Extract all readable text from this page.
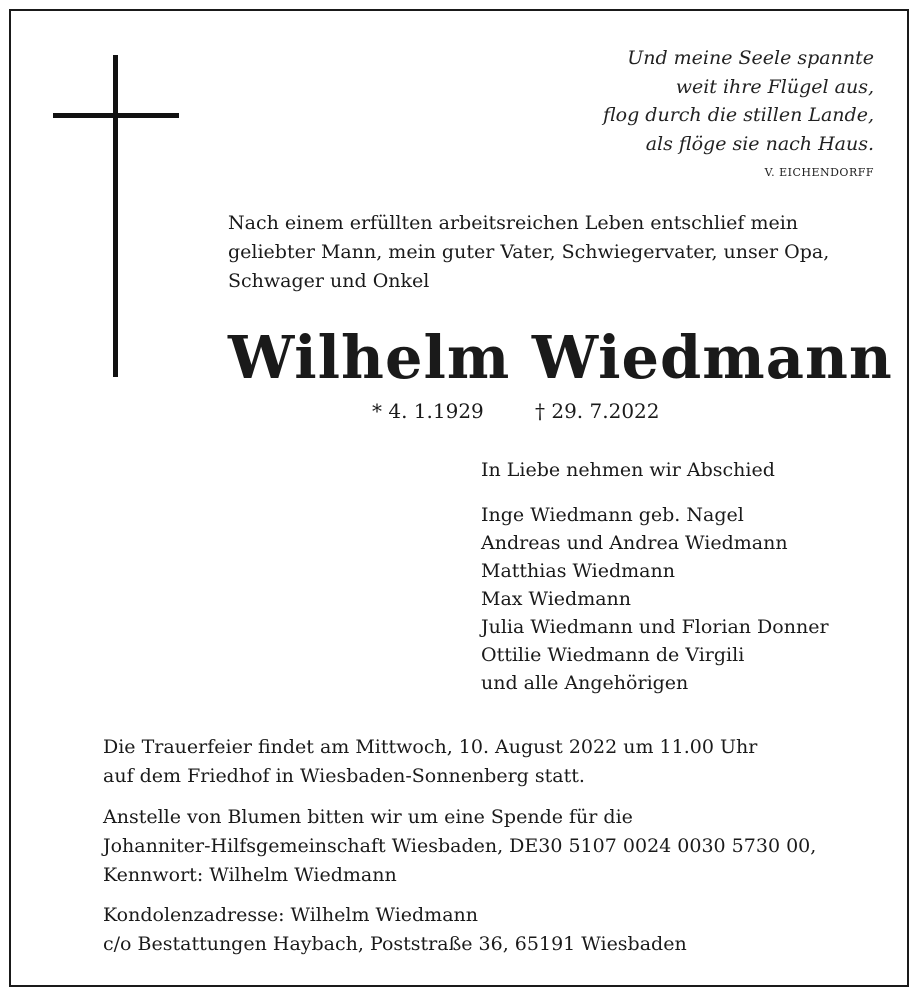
Und meine Seele spannte
weit ihre Flügel aus,
flog durch die stillen Lande,
als flöge sie nach Haus.
V. EICHENDORFF
Nach einem erfüllten arbeitsreichen Leben entschlief mein
geliebter Mann, mein guter Vater, Schwiegervater, unser Opa,
Schwager und Onkel
Wilhelm Wiedmann
* 4. 1.1929	† 29. 7.2022
In Liebe nehmen wir Abschied
Inge Wiedmann geb. Nagel
Andreas und Andrea Wiedmann
Matthias Wiedmann
Max Wiedmann
Julia Wiedmann und Florian Donner
Ottilie Wiedmann de Virgili
und alle Angehörigen
Die Trauerfeier findet am Mittwoch, 10. August 2022 um 11.00 Uhr
auf dem Friedhof in Wiesbaden-Sonnenberg statt.
Anstelle von Blumen bitten wir um eine Spende für die
Johanniter-Hilfsgemeinschaft Wiesbaden, DE30 5107 0024 0030 5730 00,
Kennwort: Wilhelm Wiedmann
Kondolenzadresse: Wilhelm Wiedmann
c/o Bestattungen Haybach, Poststraße 36, 65191 Wiesbaden
